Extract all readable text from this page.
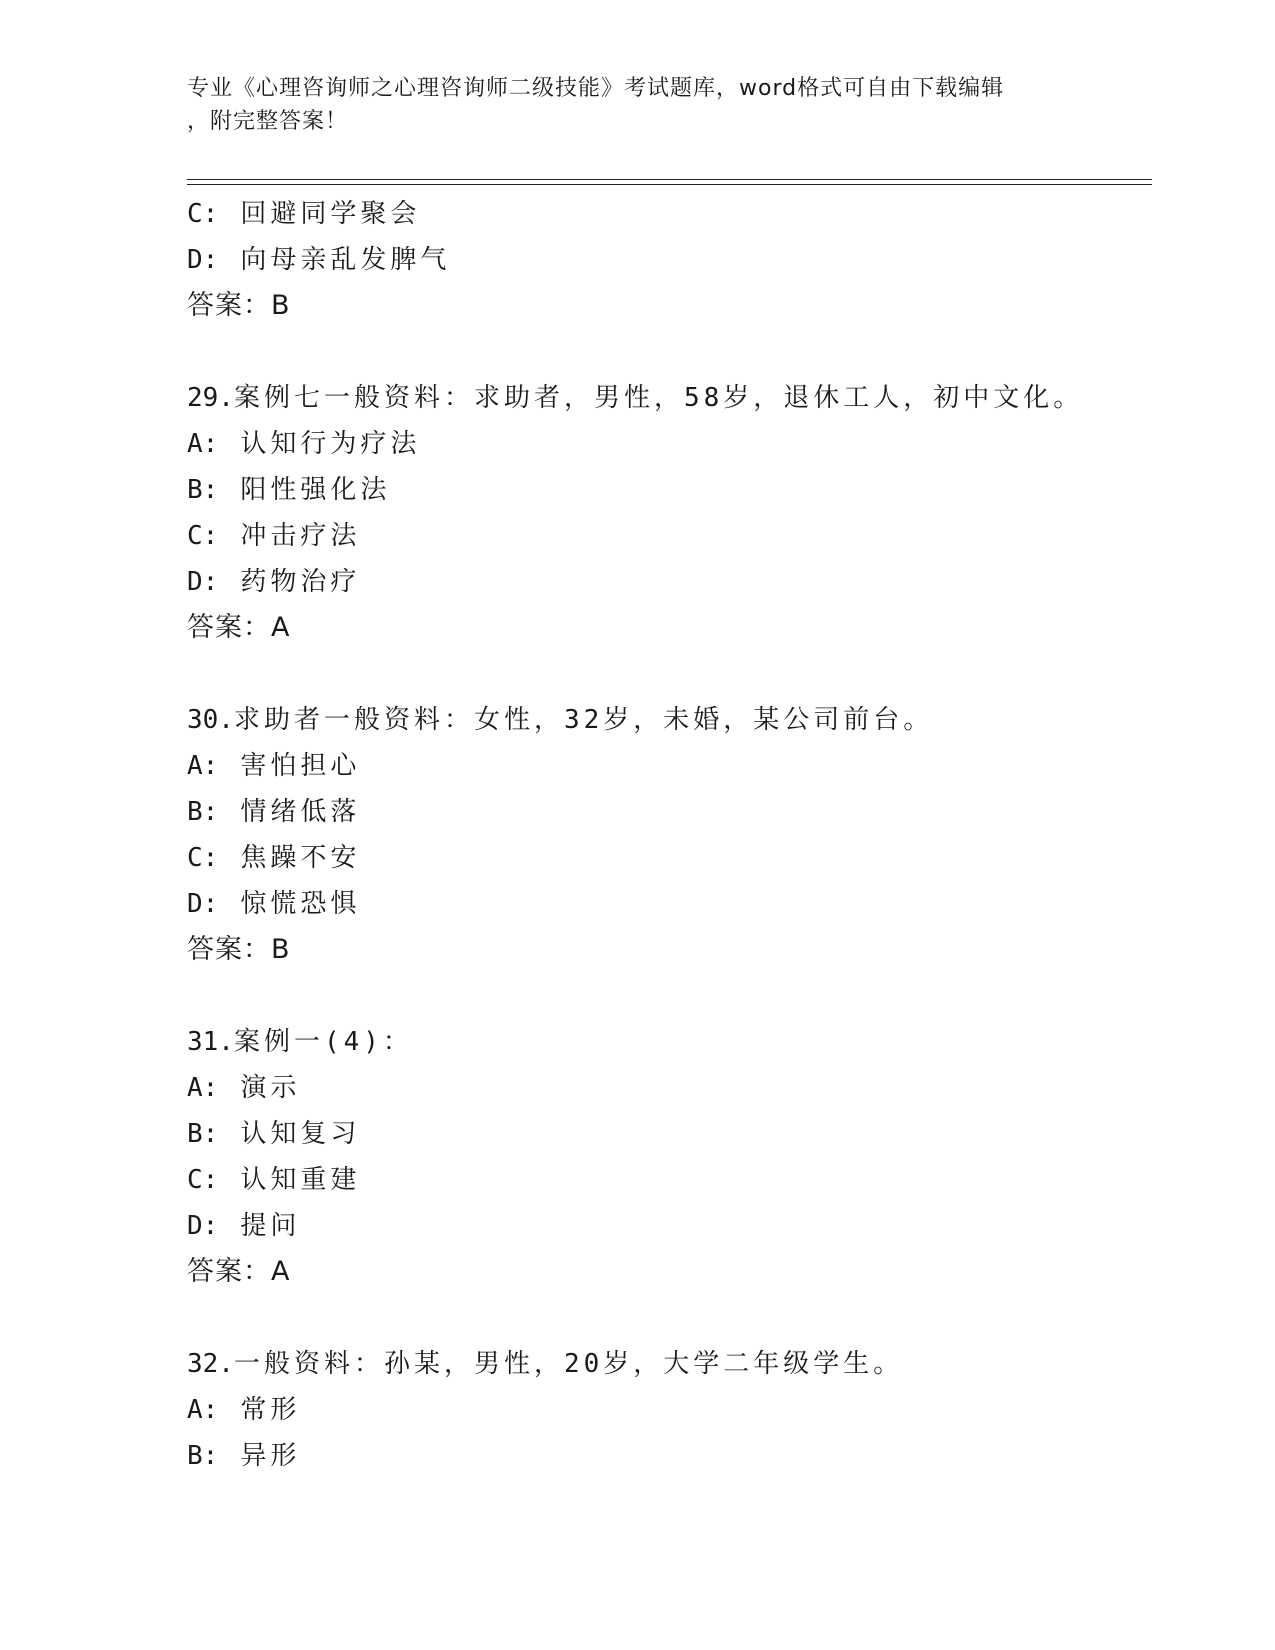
专业《心理咨询师之心理咨询师二级技能》考试题库，word格式可自由下载编辑
，附完整答案！
C: 回避同学聚会
D: 向母亲乱发脾气
答案：B
29.案例七一般资料：求助者，男性，58岁，退休工人，初中文化。
A: 认知行为疗法
B: 阳性强化法
C: 冲击疗法
D: 药物治疗
答案：A
30.求助者一般资料：女性，32岁，未婚，某公司前台。
A: 害怕担心
B: 情绪低落
C: 焦躁不安
D: 惊慌恐惧
答案：B
31.案例一(4)：
A: 演示
B: 认知复习
C: 认知重建
D: 提问
答案：A
32.一般资料：孙某，男性，20岁，大学二年级学生。
A: 常形
B: 异形
